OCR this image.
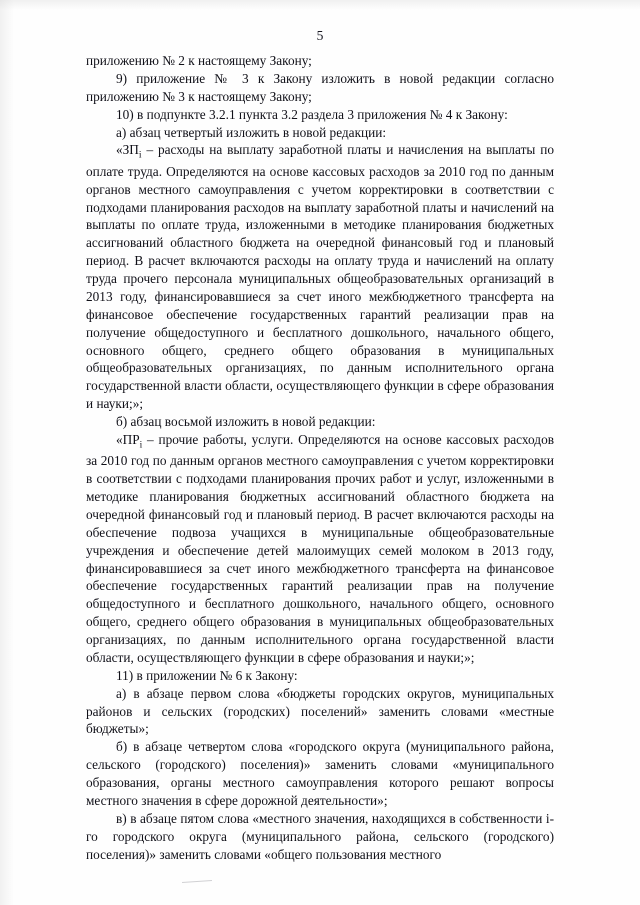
5

приложению № 2 к настоящему Закону;

9) приложение № 3 к Закону изложить в новой редакции согласно приложению № 3 к настоящему Закону;

10) в подпункте 3.2.1 пункта 3.2 раздела 3 приложения № 4 к Закону:

а) абзац четвертый изложить в новой редакции:

«$ЗП_i$ – расходы на выплату заработной платы и начисления на выплаты по оплате труда. Определяются на основе кассовых расходов за 2010 год по данным органов местного самоуправления с учетом корректировки в соответствии с подходами планирования расходов на выплату заработной платы и начислений на выплаты по оплате труда, изложенными в методике планирования бюджетных ассигнований областного бюджета на очередной финансовый год и плановый период. В расчет включаются расходы на оплату труда и начислений на оплату труда прочего персонала муниципальных общеобразовательных организаций в 2013 году, финансировавшиеся за счет иного межбюджетного трансферта на финансовое обеспечение государственных гарантий реализации прав на получение общедоступного и бесплатного дошкольного, начального общего, основного общего, среднего общего образования в муниципальных общеобразовательных организациях, по данным исполнительного органа государственной власти области, осуществляющего функции в сфере образования и науки;»;

б) абзац восьмой изложить в новой редакции:

«$ПР_i$ – прочие работы, услуги. Определяются на основе кассовых расходов за 2010 год по данным органов местного самоуправления с учетом корректировки в соответствии с подходами планирования прочих работ и услуг, изложенными в методике планирования бюджетных ассигнований областного бюджета на очередной финансовый год и плановый период. В расчет включаются расходы на обеспечение подвоза учащихся в муниципальные общеобразовательные учреждения и обеспечение детей малоимущих семей молоком в 2013 году, финансировавшиеся за счет иного межбюджетного трансферта на финансовое обеспечение государственных гарантий реализации прав на получение общедоступного и бесплатного дошкольного, начального общего, основного общего, среднего общего образования в муниципальных общеобразовательных организациях, по данным исполнительного органа государственной власти области, осуществляющего функции в сфере образования и науки;»;

11) в приложении № 6 к Закону:

а) в абзаце первом слова «бюджеты городских округов, муниципальных районов и сельских (городских) поселений» заменить словами «местные бюджеты»;

б) в абзаце четвертом слова «городского округа (муниципального района, сельского (городского) поселения)» заменить словами «муниципального образования, органы местного самоуправления которого решают вопросы местного значения в сфере дорожной деятельности»;

в) в абзаце пятом слова «местного значения, находящихся в собственности i-го городского округа (муниципального района, сельского (городского) поселения)» заменить словами «общего пользования местного
